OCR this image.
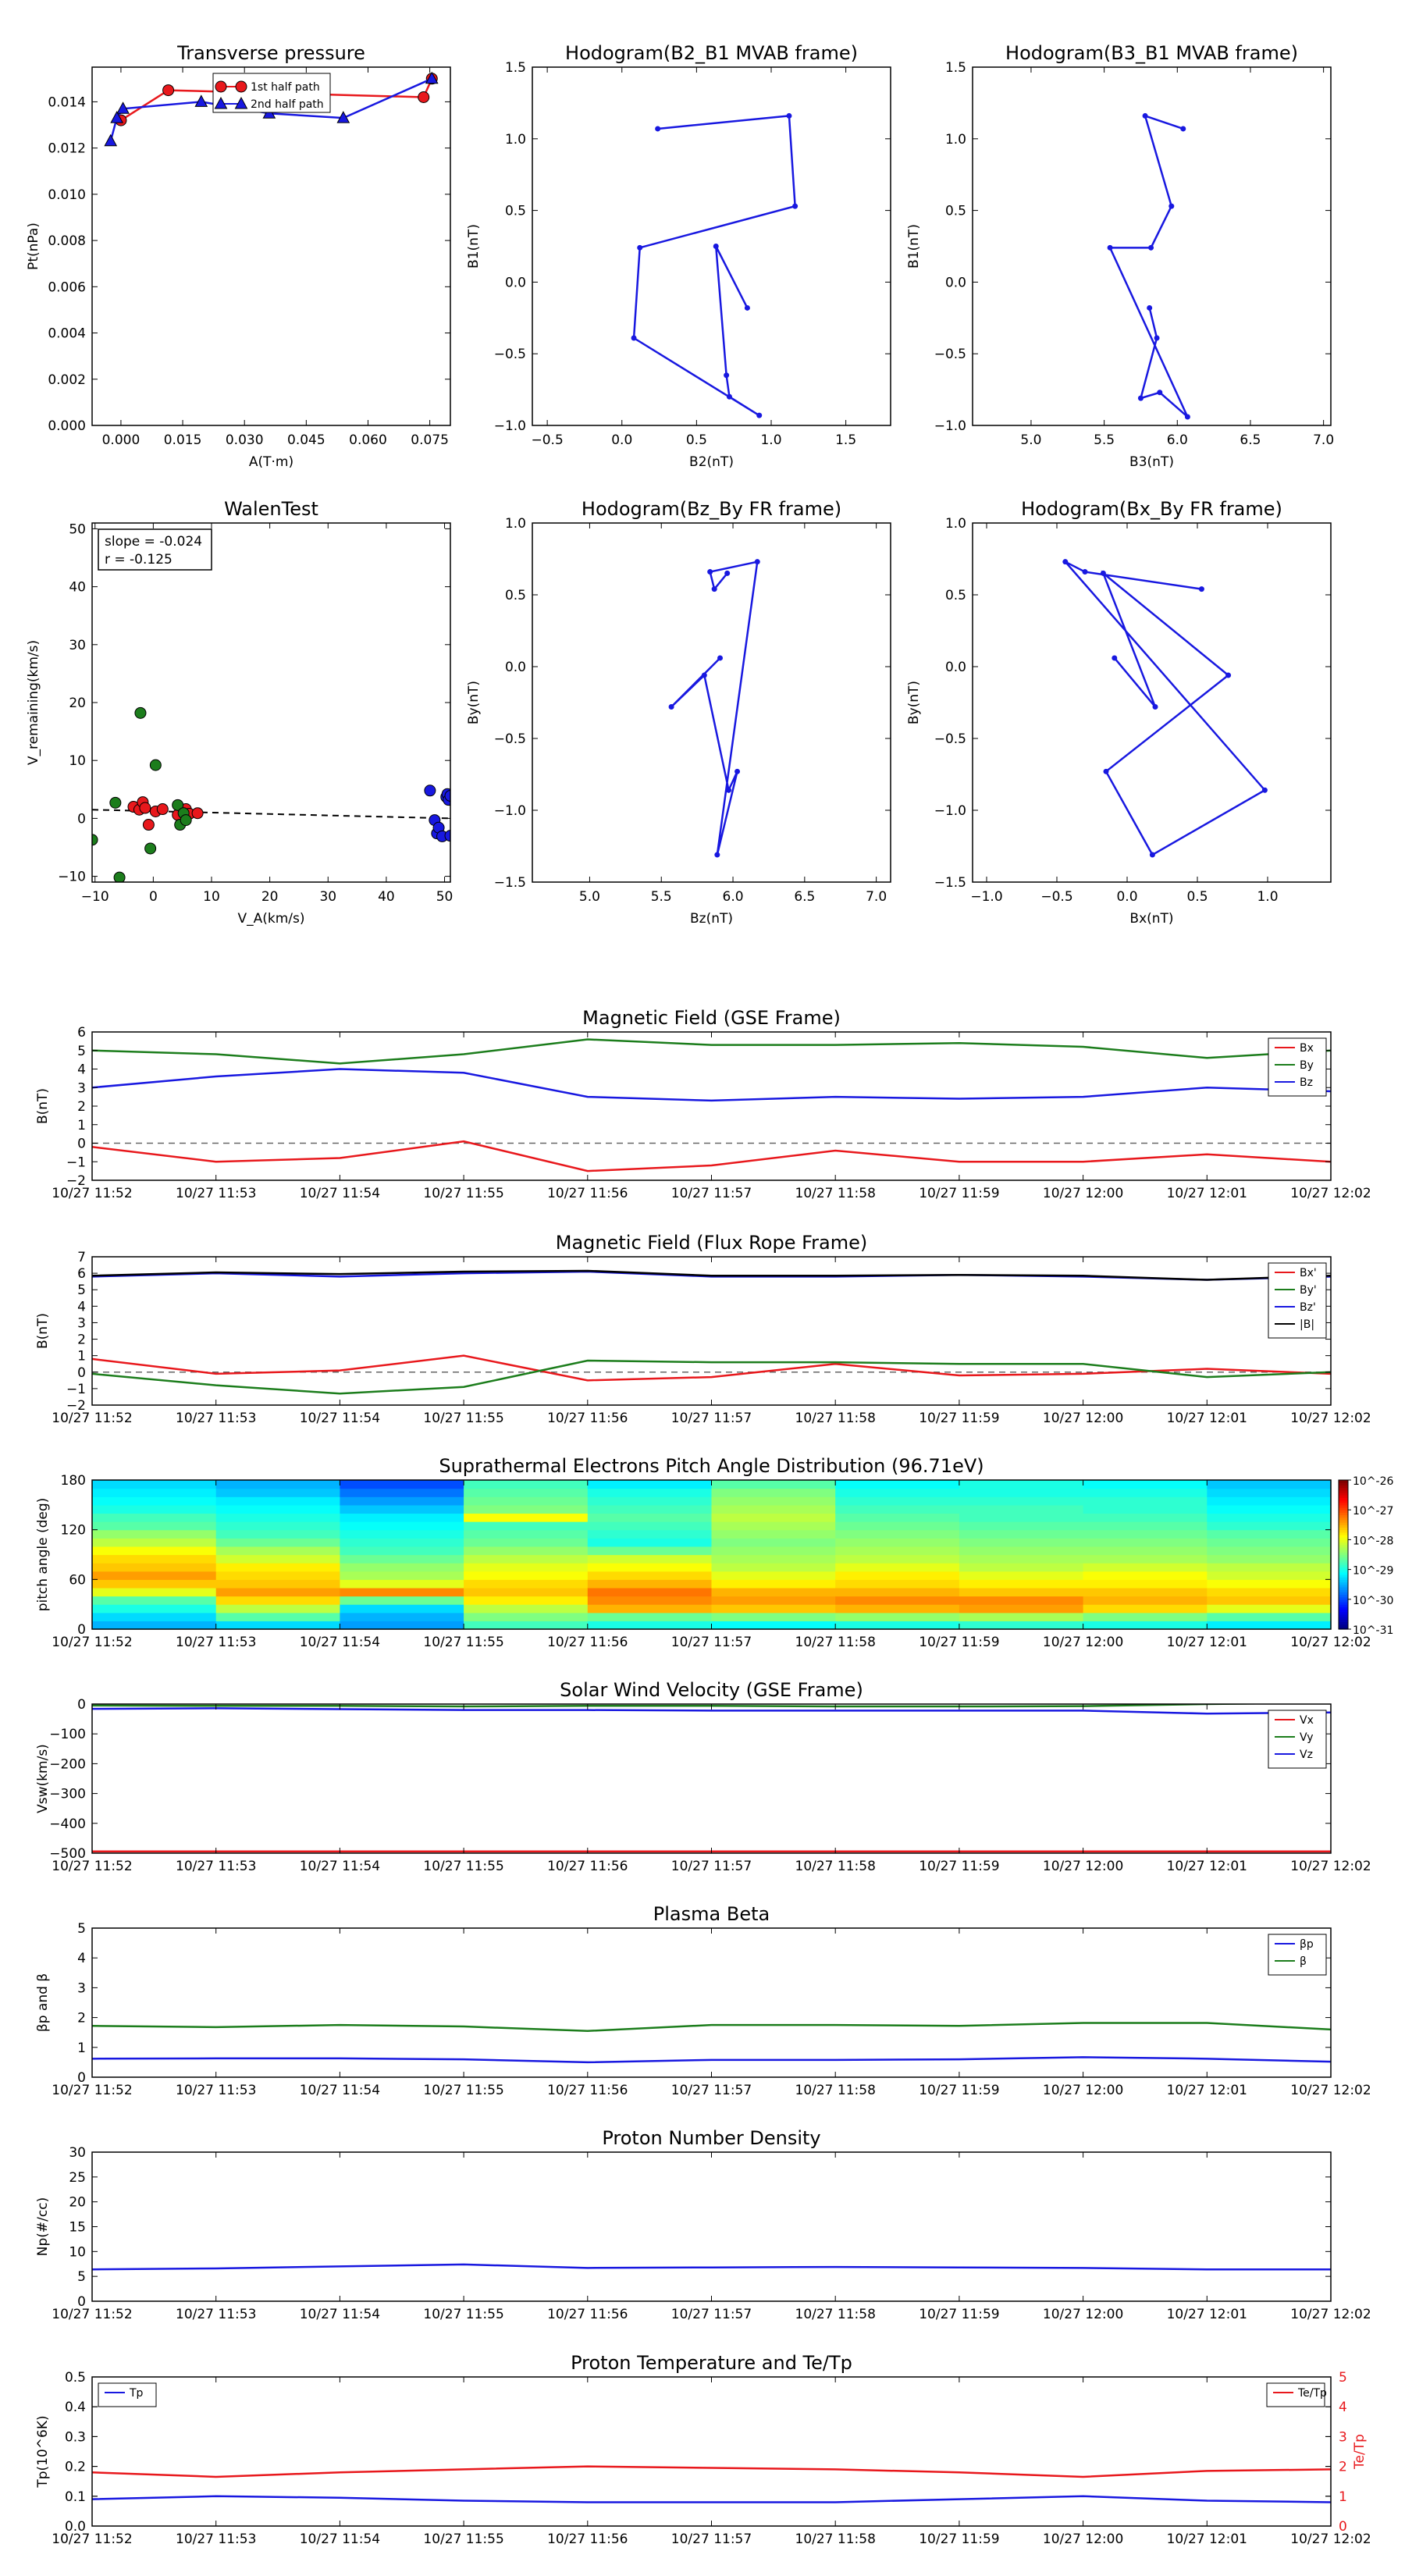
0.000 0.015 0.030 0.045 0.060 0.075
0.000
0.002
0.004
0.006
0.008
0.010
0.012
0.014
Transverse pressure
A(T·m)
Pt(nPa)
1st half path
2nd half path
−0.5	0.0	0.5	1.0	1.5
−1.0
−0.5
0.0
0.5
1.0
1.5
Hodogram(B2_B1 MVAB frame)
B2(nT)
B1(nT)
5.0	5.5	6.0	6.5	7.0
−1.0
−0.5
0.0
0.5
1.0
1.5
Hodogram(B3_B1 MVAB frame)
B3(nT)
B1(nT)
−10	0	10	20	30	40	50
−10
0
10
20
30
40
50
WalenTest
V_A(km/s)
V_remaining(km/s)
slope = -0.024
r = -0.125
5.0	5.5	6.0	6.5	7.0
−1.5
−1.0
−0.5
0.0
0.5
1.0
Hodogram(Bz_By FR frame)
Bz(nT)
By(nT)
−1.0	−0.5	0.0	0.5	1.0
−1.5
−1.0
−0.5
0.0
0.5
1.0
Hodogram(Bx_By FR frame)
Bx(nT)
By(nT)
10/27 11:52	10/27 11:53	10/27 11:54	10/27 11:55	10/27 11:56	10/27 11:57	10/27 11:58	10/27 11:59	10/27 12:00	10/27 12:01	10/27 12:02
−2
−1
0
1
2
3
4
5
6
Magnetic Field (GSE Frame)
B(nT)
Bx
By
Bz
10/27 11:52	10/27 11:53	10/27 11:54	10/27 11:55	10/27 11:56	10/27 11:57	10/27 11:58	10/27 11:59	10/27 12:00	10/27 12:01	10/27 12:02
−2
−1
0
1
2
3
4
5
6
7
Magnetic Field (Flux Rope Frame)
B(nT)
Bx'
By'
Bz'
|B|
10/27 11:52	10/27 11:53	10/27 11:54	10/27 11:55	10/27 11:56	10/27 11:57	10/27 11:58	10/27 11:59	10/27 12:00	10/27 12:01	10/27 12:02
−500
−400
−300
−200
−100
0
Solar Wind Velocity (GSE Frame)
Vsw(km/s)
Vx
Vy
Vz
10/27 11:52	10/27 11:53	10/27 11:54	10/27 11:55	10/27 11:56	10/27 11:57	10/27 11:58	10/27 11:59	10/27 12:00	10/27 12:01	10/27 12:02
0
1
2
3
4
5
Plasma Beta
βp and β
βp
β
10/27 11:52	10/27 11:53	10/27 11:54	10/27 11:55	10/27 11:56	10/27 11:57	10/27 11:58	10/27 11:59	10/27 12:00	10/27 12:01	10/27 12:02
0
5
10
15
20
25
30
Proton Number Density
Np(#/cc)
0
1
2
3
4
5
Te/Tp
10/27 11:52	10/27 11:53	10/27 11:54	10/27 11:55	10/27 11:56	10/27 11:57	10/27 11:58	10/27 11:59	10/27 12:00	10/27 12:01	10/27 12:02
0.0
0.1
0.2
0.3
0.4
0.5
Proton Temperature and Te/Tp
Tp(10^6K)
Tp	Te/Tp
10/27 11:52	10/27 11:53	10/27 11:54	10/27 11:55	10/27 11:56	10/27 11:57	10/27 11:58	10/27 11:59	10/27 12:00	10/27 12:01	10/27 12:02
0
60
120
180
Suprathermal Electrons Pitch Angle Distribution (96.71eV)
pitch angle (deg)
10^-31
10^-30
10^-29
10^-28
10^-27
10^-26
